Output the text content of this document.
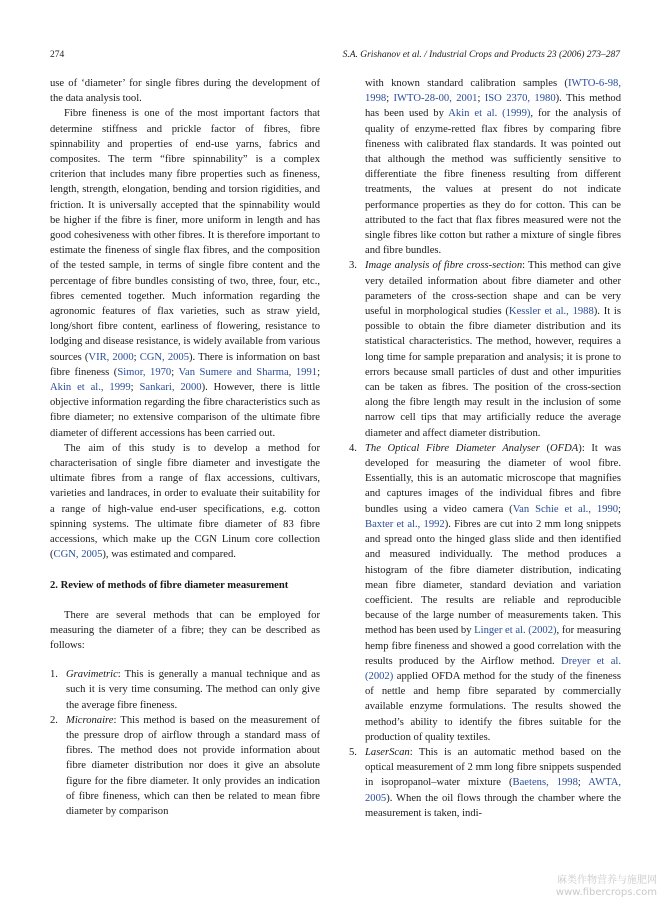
274	S.A. Grishanov et al. / Industrial Crops and Products 23 (2006) 273–287

use of ‘diameter’ for single fibres during the development of the data analysis tool.

Fibre fineness is one of the most important factors that determine stiffness and prickle factor of fibres, fibre spinnability and properties of end-use yarns, fabrics and composites. The term “fibre spinnability” is a complex criterion that includes many fibre properties such as fineness, length, strength, elongation, bending and torsion rigidities, and friction. It is universally accepted that the spinnability would be higher if the fibre is finer, more uniform in length and has good cohesiveness with other fibres. It is therefore important to estimate the fineness of single flax fibres, and the composition of the tested sample, in terms of single fibre content and the percentage of fibre bundles consisting of two, three, four, etc., fibres cemented together. Much information regarding the agronomic features of flax varieties, such as straw yield, long/short fibre content, earliness of flowering, resistance to lodging and disease resistance, is widely available from various sources (VIR, 2000; CGN, 2005). There is information on bast fibre fineness (Simor, 1970; Van Sumere and Sharma, 1991; Akin et al., 1999; Sankari, 2000). However, there is little objective information regarding the fibre characteristics such as fibre diameter; no extensive comparison of the ultimate fibre diameter of different accessions has been carried out.

The aim of this study is to develop a method for characterisation of single fibre diameter and investigate the ultimate fibres from a range of flax accessions, cultivars, varieties and landraces, in order to evaluate their suitability for a range of high-value end-user specifications, e.g. cotton spinning systems. The ultimate fibre diameter of 83 fibre accessions, which make up the CGN Linum core collection (CGN, 2005), was estimated and compared.

2. Review of methods of fibre diameter measurement

There are several methods that can be employed for measuring the diameter of a fibre; they can be described as follows:

1. Gravimetric: This is generally a manual technique and as such it is very time consuming. The method can only give the average fibre fineness.
2. Micronaire: This method is based on the measurement of the pressure drop of airflow through a standard mass of fibres. The method does not provide information about fibre diameter distribution nor does it give an absolute figure for the fibre diameter. It only provides an indication of fibre fineness, which can then be related to mean fibre diameter by comparison
with known standard calibration samples (IWTO-6-98, 1998; IWTO-28-00, 2001; ISO 2370, 1980). This method has been used by Akin et al. (1999), for the analysis of quality of enzyme-retted flax fibres by comparing fibre fineness with calibrated flax standards. It was pointed out that although the method was sufficiently sensitive to differentiate the fibre fineness resulting from different treatments, the values at present do not indicate performance properties as they do for cotton. This can be attributed to the fact that flax fibres measured were not the single fibres like cotton but rather a mixture of single fibres and fibre bundles.
3. Image analysis of fibre cross-section: This method can give very detailed information about fibre diameter and other parameters of the cross-section shape and can be very useful in morphological studies (Kessler et al., 1988). It is possible to obtain the fibre diameter distribution and its statistical characteristics. The method, however, requires a long time for sample preparation and analysis; it is prone to errors because small particles of dust and other impurities can be taken as fibres. The position of the cross-section along the fibre length may result in the inclusion of some narrow cell tips that may artificially reduce the average diameter and affect diameter distribution.
4. The Optical Fibre Diameter Analyser (OFDA): It was developed for measuring the diameter of wool fibre. Essentially, this is an automatic microscope that magnifies and captures images of the individual fibres and fibre bundles using a video camera (Van Schie et al., 1990; Baxter et al., 1992). Fibres are cut into 2 mm long snippets and spread onto the hinged glass slide and then identified and measured individually. The method produces a histogram of the fibre diameter distribution, indicating mean fibre diameter, standard deviation and variation coefficient. The results are reliable and reproducible because of the large number of measurements taken. This method has been used by Linger et al. (2002), for measuring hemp fibre fineness and showed a good correlation with the results produced by the Airflow method. Dreyer et al. (2002) applied OFDA method for the study of the fineness of nettle and hemp fibre separated by commercially available enzyme formulations. The results showed the method’s ability to identify the fibres suitable for the production of quality textiles.
5. LaserScan: This is an automatic method based on the optical measurement of 2 mm long fibre snippets suspended in isopropanol–water mixture (Baetens, 1998; AWTA, 2005). When the oil flows through the chamber where the measurement is taken, indi-
麻类作物营养与施肥网
www.fibercrops.com
